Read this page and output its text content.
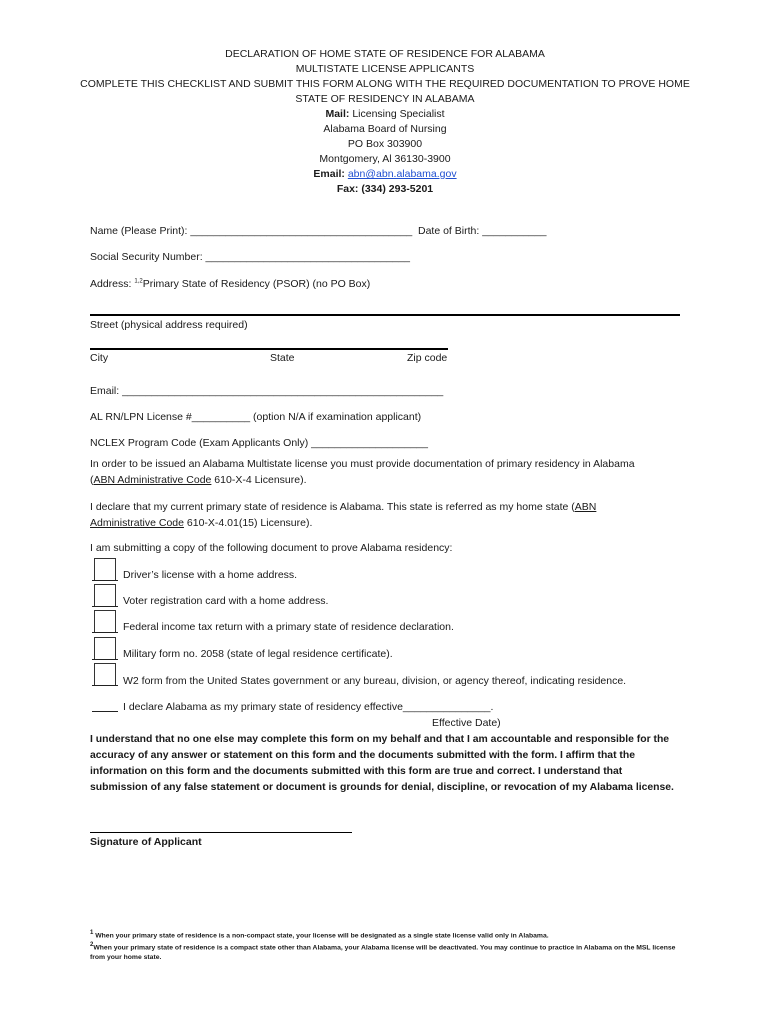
DECLARATION OF HOME STATE OF RESIDENCE FOR ALABAMA
MULTISTATE LICENSE APPLICANTS
COMPLETE THIS CHECKLIST AND SUBMIT THIS FORM ALONG WITH THE REQUIRED DOCUMENTATION TO PROVE HOME
STATE OF RESIDENCY IN ALABAMA
Mail: Licensing Specialist
Alabama Board of Nursing
PO Box 303900
Montgomery, Al 36130-3900
Email: abn@abn.alabama.gov
Fax: (334) 293-5201
Name (Please Print): ______________________________________ Date of Birth: ___________
Social Security Number: ___________________________________
Address: $^{1,2}$Primary State of Residency (PSOR) (no PO Box)
Street (physical address required)
City	State	Zip code
Email: _______________________________________________________
AL RN/LPN License #__________ (option N/A if examination applicant)
NCLEX Program Code (Exam Applicants Only) ____________________
In order to be issued an Alabama Multistate license you must provide documentation of primary residency in Alabama
(ABN Administrative Code 610-X-4 Licensure).
I declare that my current primary state of residence is Alabama. This state is referred as my home state (ABN
Administrative Code 610-X-4.01(15) Licensure).
I am submitting a copy of the following document to prove Alabama residency:
Driver’s license with a home address.
Voter registration card with a home address.
Federal income tax return with a primary state of residence declaration.
Military form no. 2058 (state of legal residence certificate).
W2 form from the United States government or any bureau, division, or agency thereof, indicating residence.
I declare Alabama as my primary state of residency effective_______________.
Effective Date)
I understand that no one else may complete this form on my behalf and that I am accountable and responsible for the accuracy of any answer or statement on this form and the documents submitted with the form. I affirm that the information on this form and the documents submitted with this form are true and correct. I understand that submission of any false statement or document is grounds for denial, discipline, or revocation of my Alabama license.
Signature of Applicant
$^1$ When your primary state of residence is a non-compact state, your license will be designated as a single state license valid only in Alabama.
$^2$When your primary state of residence is a compact state other than Alabama, your Alabama license will be deactivated. You may continue to practice in Alabama on the MSL license from your home state.
